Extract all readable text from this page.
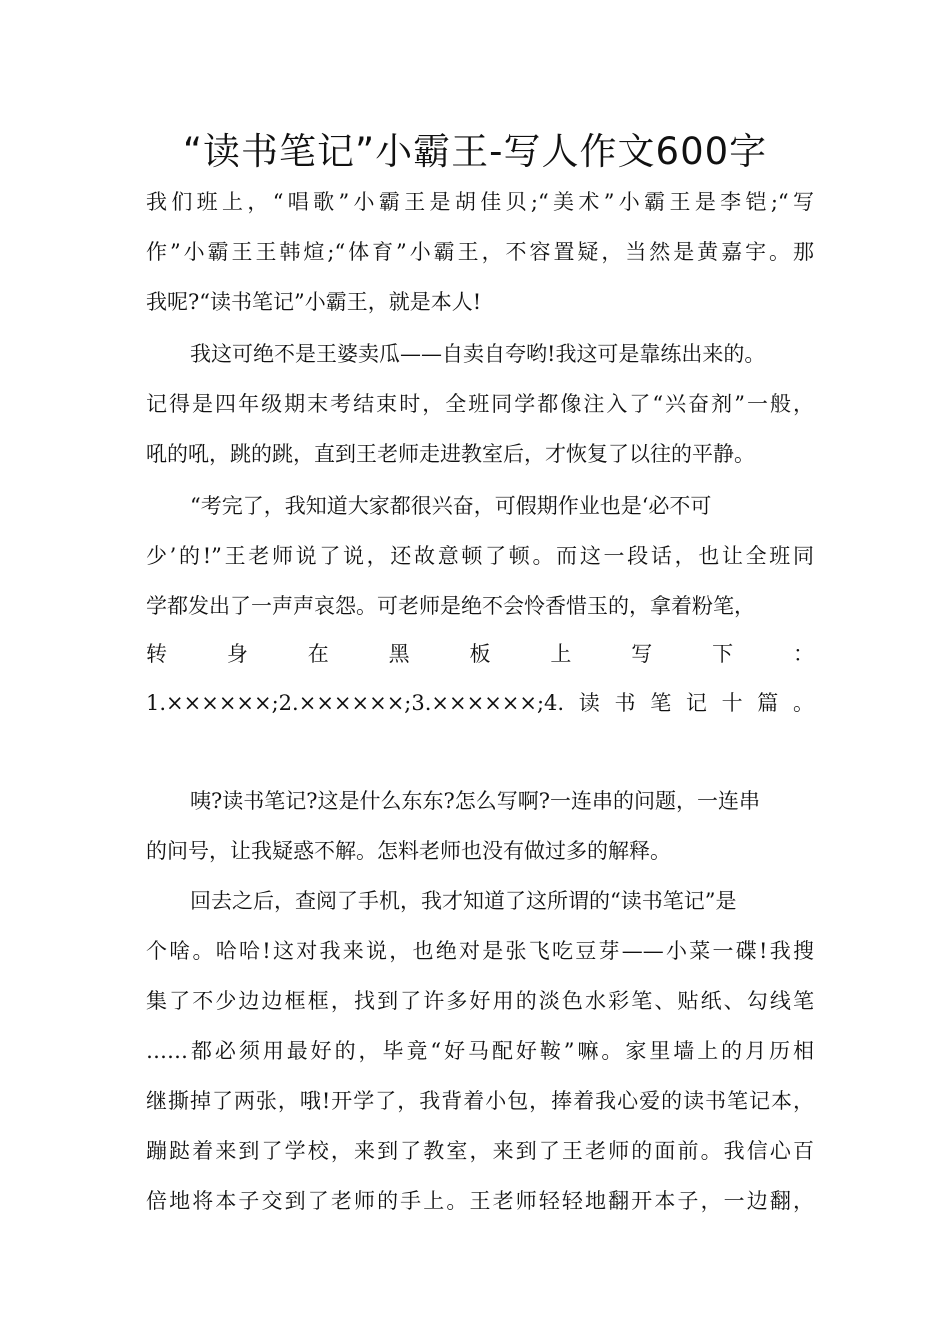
“读书笔记”小霸王-写人作文600字
我们班上，“唱歌”小霸王是胡佳贝;“美术”小霸王是李铠;“写
作”小霸王王韩煊;“体育”小霸王，不容置疑，当然是黄嘉宇。那
我呢?“读书笔记”小霸王，就是本人!
我这可绝不是王婆卖瓜——自卖自夸哟!我这可是靠练出来的。
记得是四年级期末考结束时，全班同学都像注入了“兴奋剂”一般，
吼的吼，跳的跳，直到王老师走进教室后，才恢复了以往的平静。
“考完了，我知道大家都很兴奋，可假期作业也是‘必不可
少’的!”王老师说了说，还故意顿了顿。而这一段话，也让全班同
学都发出了一声声哀怨。可老师是绝不会怜香惜玉的，拿着粉笔，
转	身	在	黑	板	上	写	下	：
1.××××××;2.××××××;3.××××××;4.读书笔记十篇。
咦?读书笔记?这是什么东东?怎么写啊?一连串的问题，一连串
的问号，让我疑惑不解。怎料老师也没有做过多的解释。
回去之后，查阅了手机，我才知道了这所谓的“读书笔记”是
个啥。哈哈!这对我来说，也绝对是张飞吃豆芽——小菜一碟!我搜
集了不少边边框框，找到了许多好用的淡色水彩笔、贴纸、勾线笔
……都必须用最好的，毕竟“好马配好鞍”嘛。家里墙上的月历相
继撕掉了两张，哦!开学了，我背着小包，捧着我心爱的读书笔记本，
蹦跶着来到了学校，来到了教室，来到了王老师的面前。我信心百
倍地将本子交到了老师的手上。王老师轻轻地翻开本子，一边翻，
